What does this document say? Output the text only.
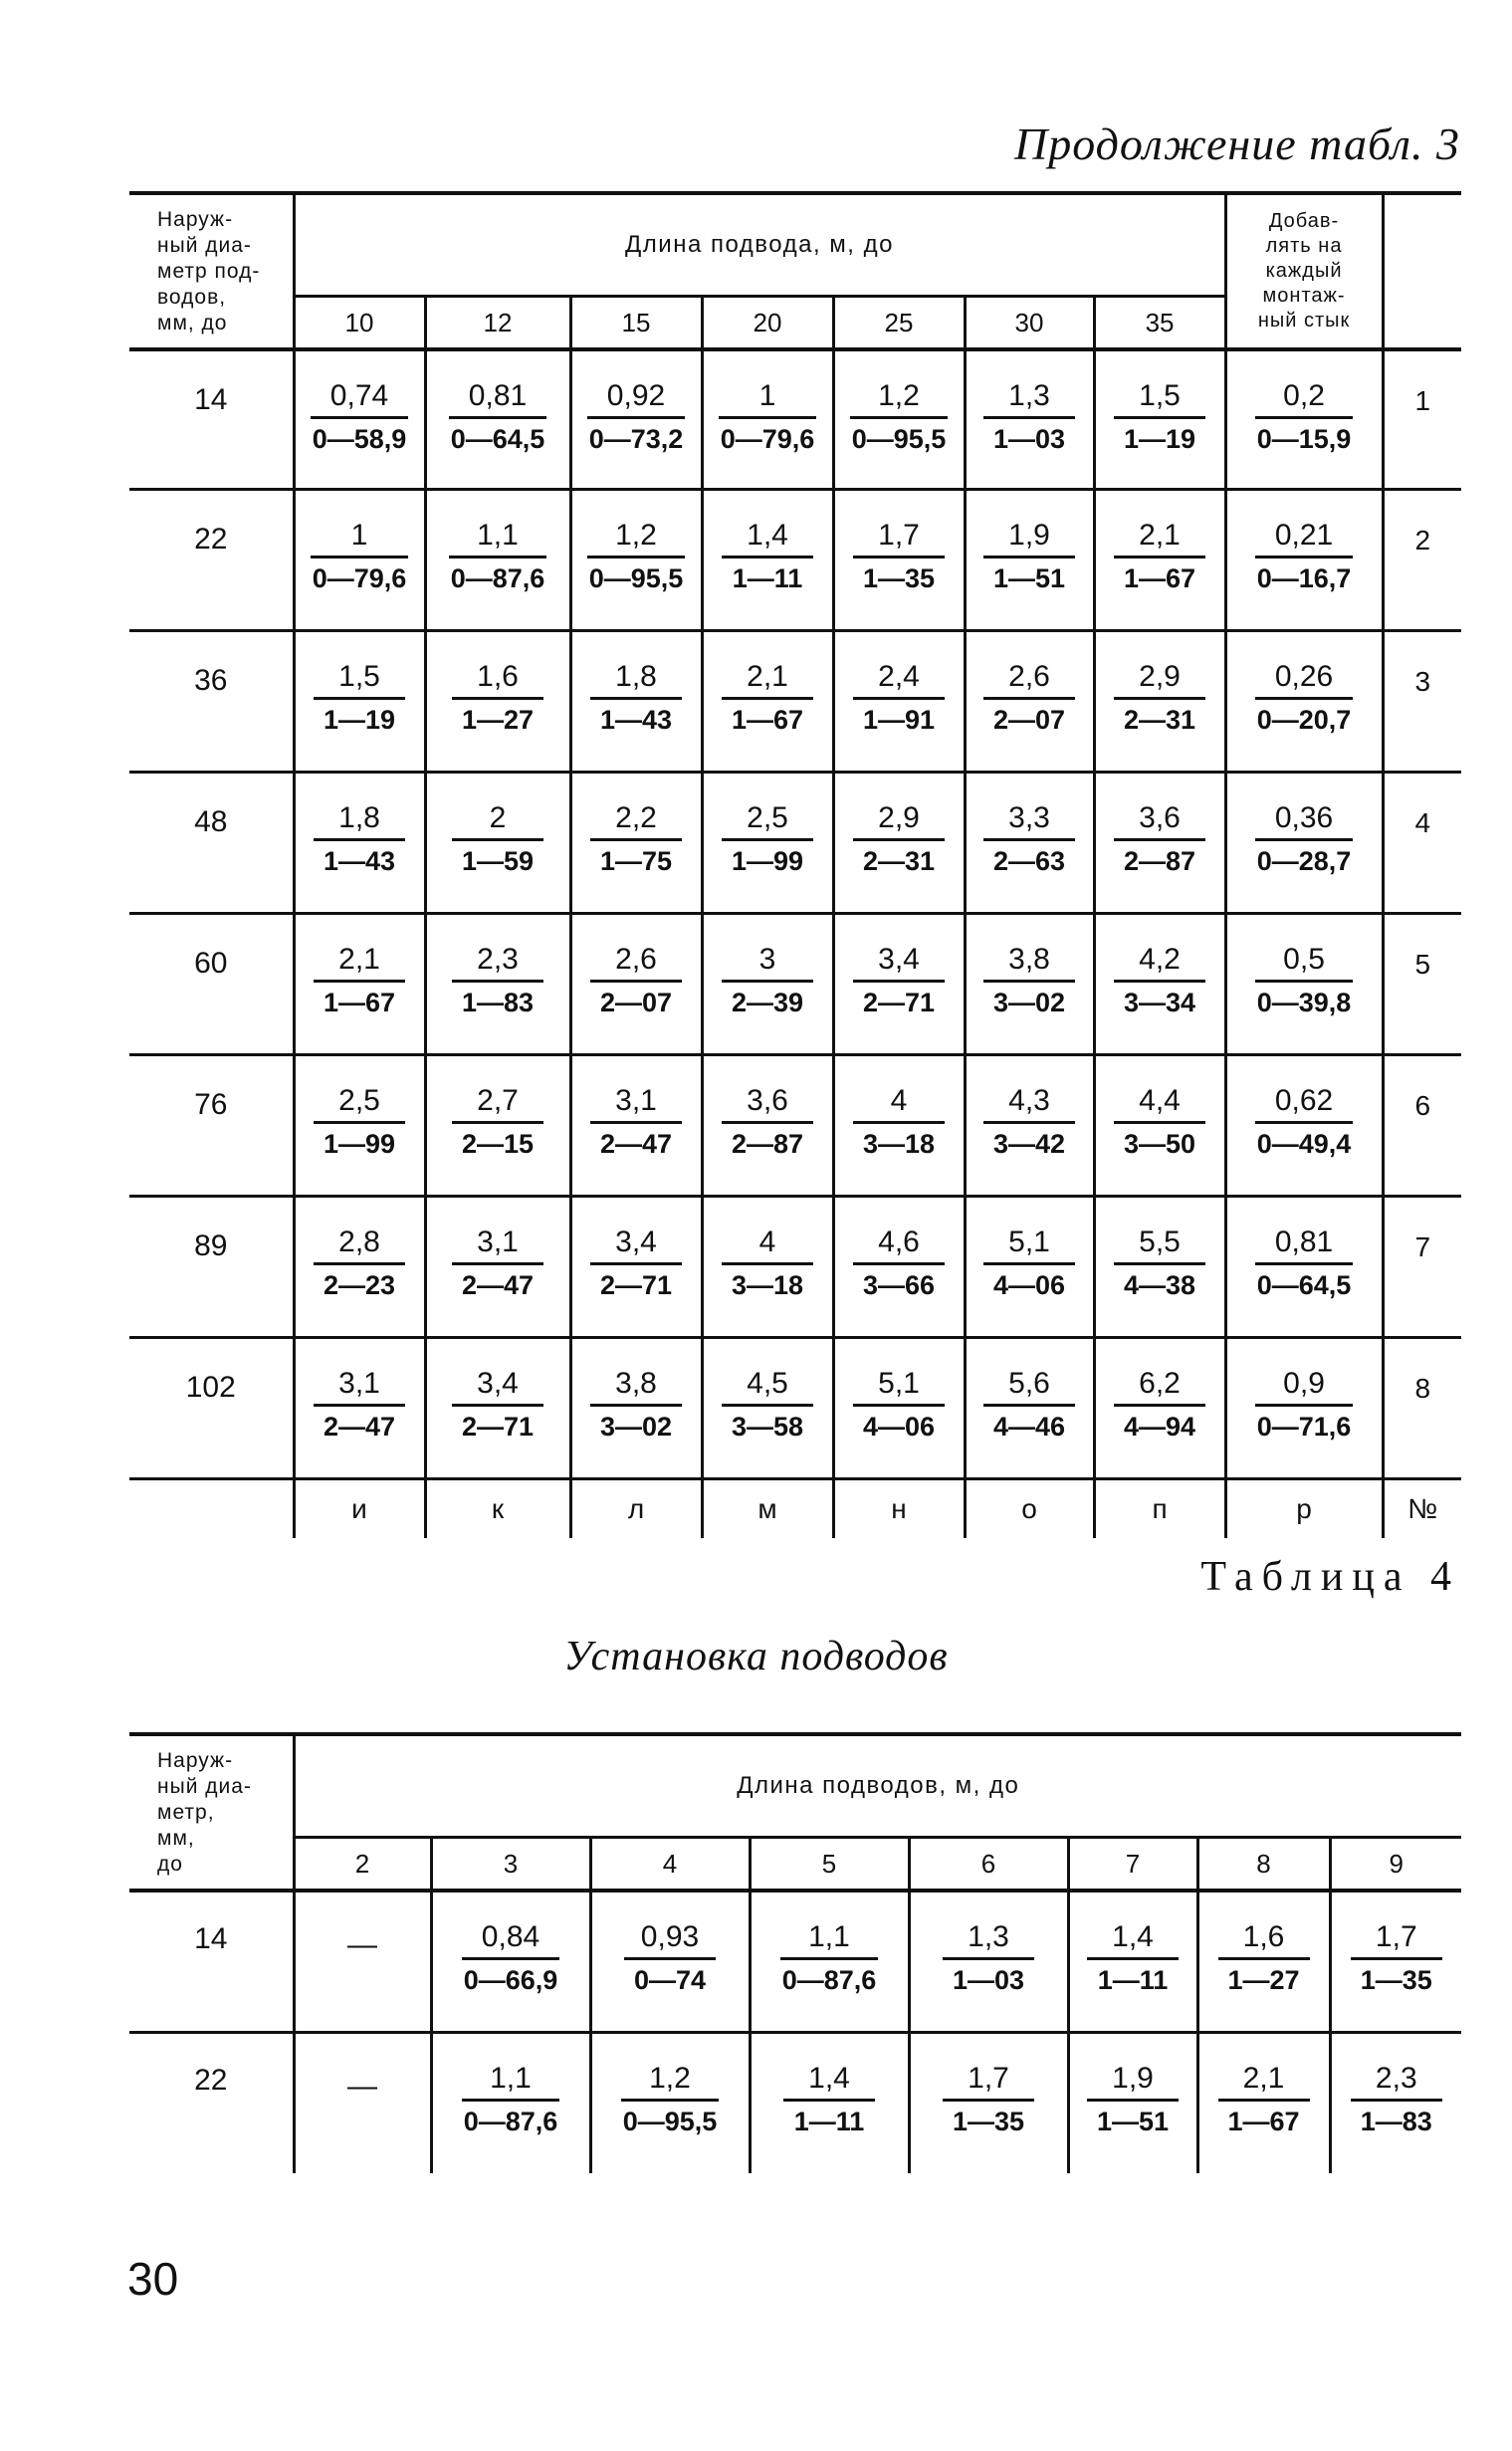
Продолжение табл. 3
Наруж-
ный диа-
метр под-
водов,
мм, до	Длина подвода, м, до							Добав-
лять на
каждый
монтаж-
ный стык	
	10	12	15	20	25	30	35		
14	$\frac{0,74}{0—58,9}$	$\frac{0,81}{0—64,5}$	$\frac{0,92}{0—73,2}$	$\frac{1}{0—79,6}$	$\frac{1,2}{0—95,5}$	$\frac{1,3}{1—03}$	$\frac{1,5}{1—19}$	$\frac{0,2}{0—15,9}$	1
22	$\frac{1}{0—79,6}$	$\frac{1,1}{0—87,6}$	$\frac{1,2}{0—95,5}$	$\frac{1,4}{1—11}$	$\frac{1,7}{1—35}$	$\frac{1,9}{1—51}$	$\frac{2,1}{1—67}$	$\frac{0,21}{0—16,7}$	2
36	$\frac{1,5}{1—19}$	$\frac{1,6}{1—27}$	$\frac{1,8}{1—43}$	$\frac{2,1}{1—67}$	$\frac{2,4}{1—91}$	$\frac{2,6}{2—07}$	$\frac{2,9}{2—31}$	$\frac{0,26}{0—20,7}$	3
48	$\frac{1,8}{1—43}$	$\frac{2}{1—59}$	$\frac{2,2}{1—75}$	$\frac{2,5}{1—99}$	$\frac{2,9}{2—31}$	$\frac{3,3}{2—63}$	$\frac{3,6}{2—87}$	$\frac{0,36}{0—28,7}$	4
60	$\frac{2,1}{1—67}$	$\frac{2,3}{1—83}$	$\frac{2,6}{2—07}$	$\frac{3}{2—39}$	$\frac{3,4}{2—71}$	$\frac{3,8}{3—02}$	$\frac{4,2}{3—34}$	$\frac{0,5}{0—39,8}$	5
76	$\frac{2,5}{1—99}$	$\frac{2,7}{2—15}$	$\frac{3,1}{2—47}$	$\frac{3,6}{2—87}$	$\frac{4}{3—18}$	$\frac{4,3}{3—42}$	$\frac{4,4}{3—50}$	$\frac{0,62}{0—49,4}$	6
89	$\frac{2,8}{2—23}$	$\frac{3,1}{2—47}$	$\frac{3,4}{2—71}$	$\frac{4}{3—18}$	$\frac{4,6}{3—66}$	$\frac{5,1}{4—06}$	$\frac{5,5}{4—38}$	$\frac{0,81}{0—64,5}$	7
102	$\frac{3,1}{2—47}$	$\frac{3,4}{2—71}$	$\frac{3,8}{3—02}$	$\frac{4,5}{3—58}$	$\frac{5,1}{4—06}$	$\frac{5,6}{4—46}$	$\frac{6,2}{4—94}$	$\frac{0,9}{0—71,6}$	8
	и	к	л	м	н	о	п	р	№
Таблица 4
Установка подводов
Наруж-
ный диа-
метр,
мм,
до	Длина подводов, м, до							
	2	3	4	5	6	7	8	9
14	—	$\frac{0,84}{0—66,9}$	$\frac{0,93}{0—74}$	$\frac{1,1}{0—87,6}$	$\frac{1,3}{1—03}$	$\frac{1,4}{1—11}$	$\frac{1,6}{1—27}$	$\frac{1,7}{1—35}$

22	—	$\frac{1,1}{0—87,6}$	$\frac{1,2}{0—95,5}$	$\frac{1,4}{1—11}$	$\frac{1,7}{1—35}$	$\frac{1,9}{1—51}$	$\frac{2,1}{1—67}$	$\frac{2,3}{1—83}$
30
